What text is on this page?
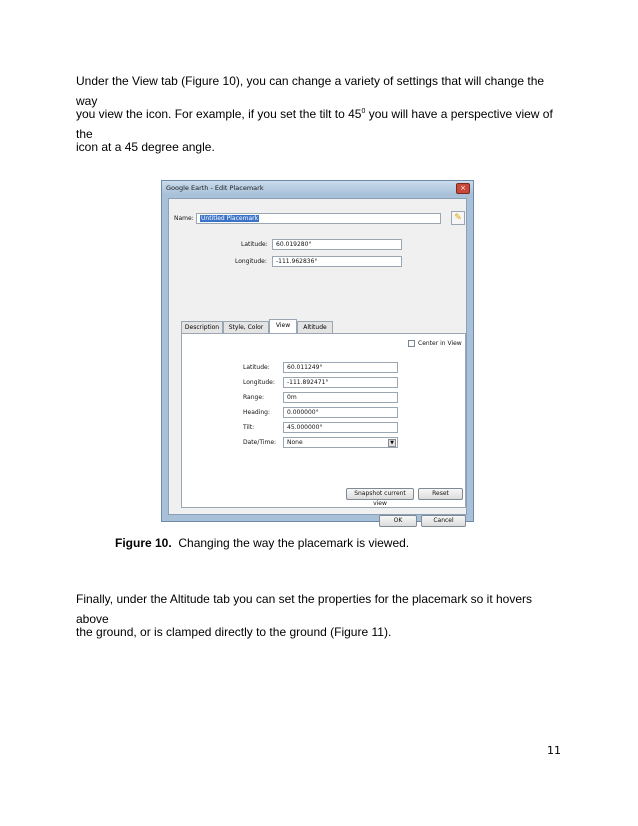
Under the View tab (Figure 10), you can change a variety of settings that will change the way

you view the icon. For example, if you set the tilt to $45^0$ you will have a perspective view of the

icon at a 45 degree angle.

Google Earth - Edit Placemark	×
Name:	Untitled Placemark	✎
Latitude:	60.019280°
Longitude:	-111.962836°
Description	Style, Color	View	Altitude
Center in View
Latitude:	60.011249°
Longitude:	-111.892471°
Range:	0m
Heading:	0.000000°
Tilt:	45.000000°
Date/Time:	None	▼
Snapshot current view
Reset
OK	Cancel
Figure 10.  Changing the way the placemark is viewed.

Finally, under the Altitude tab you can set the properties for the placemark so it hovers above

the ground, or is clamped directly to the ground (Figure 11).

11
